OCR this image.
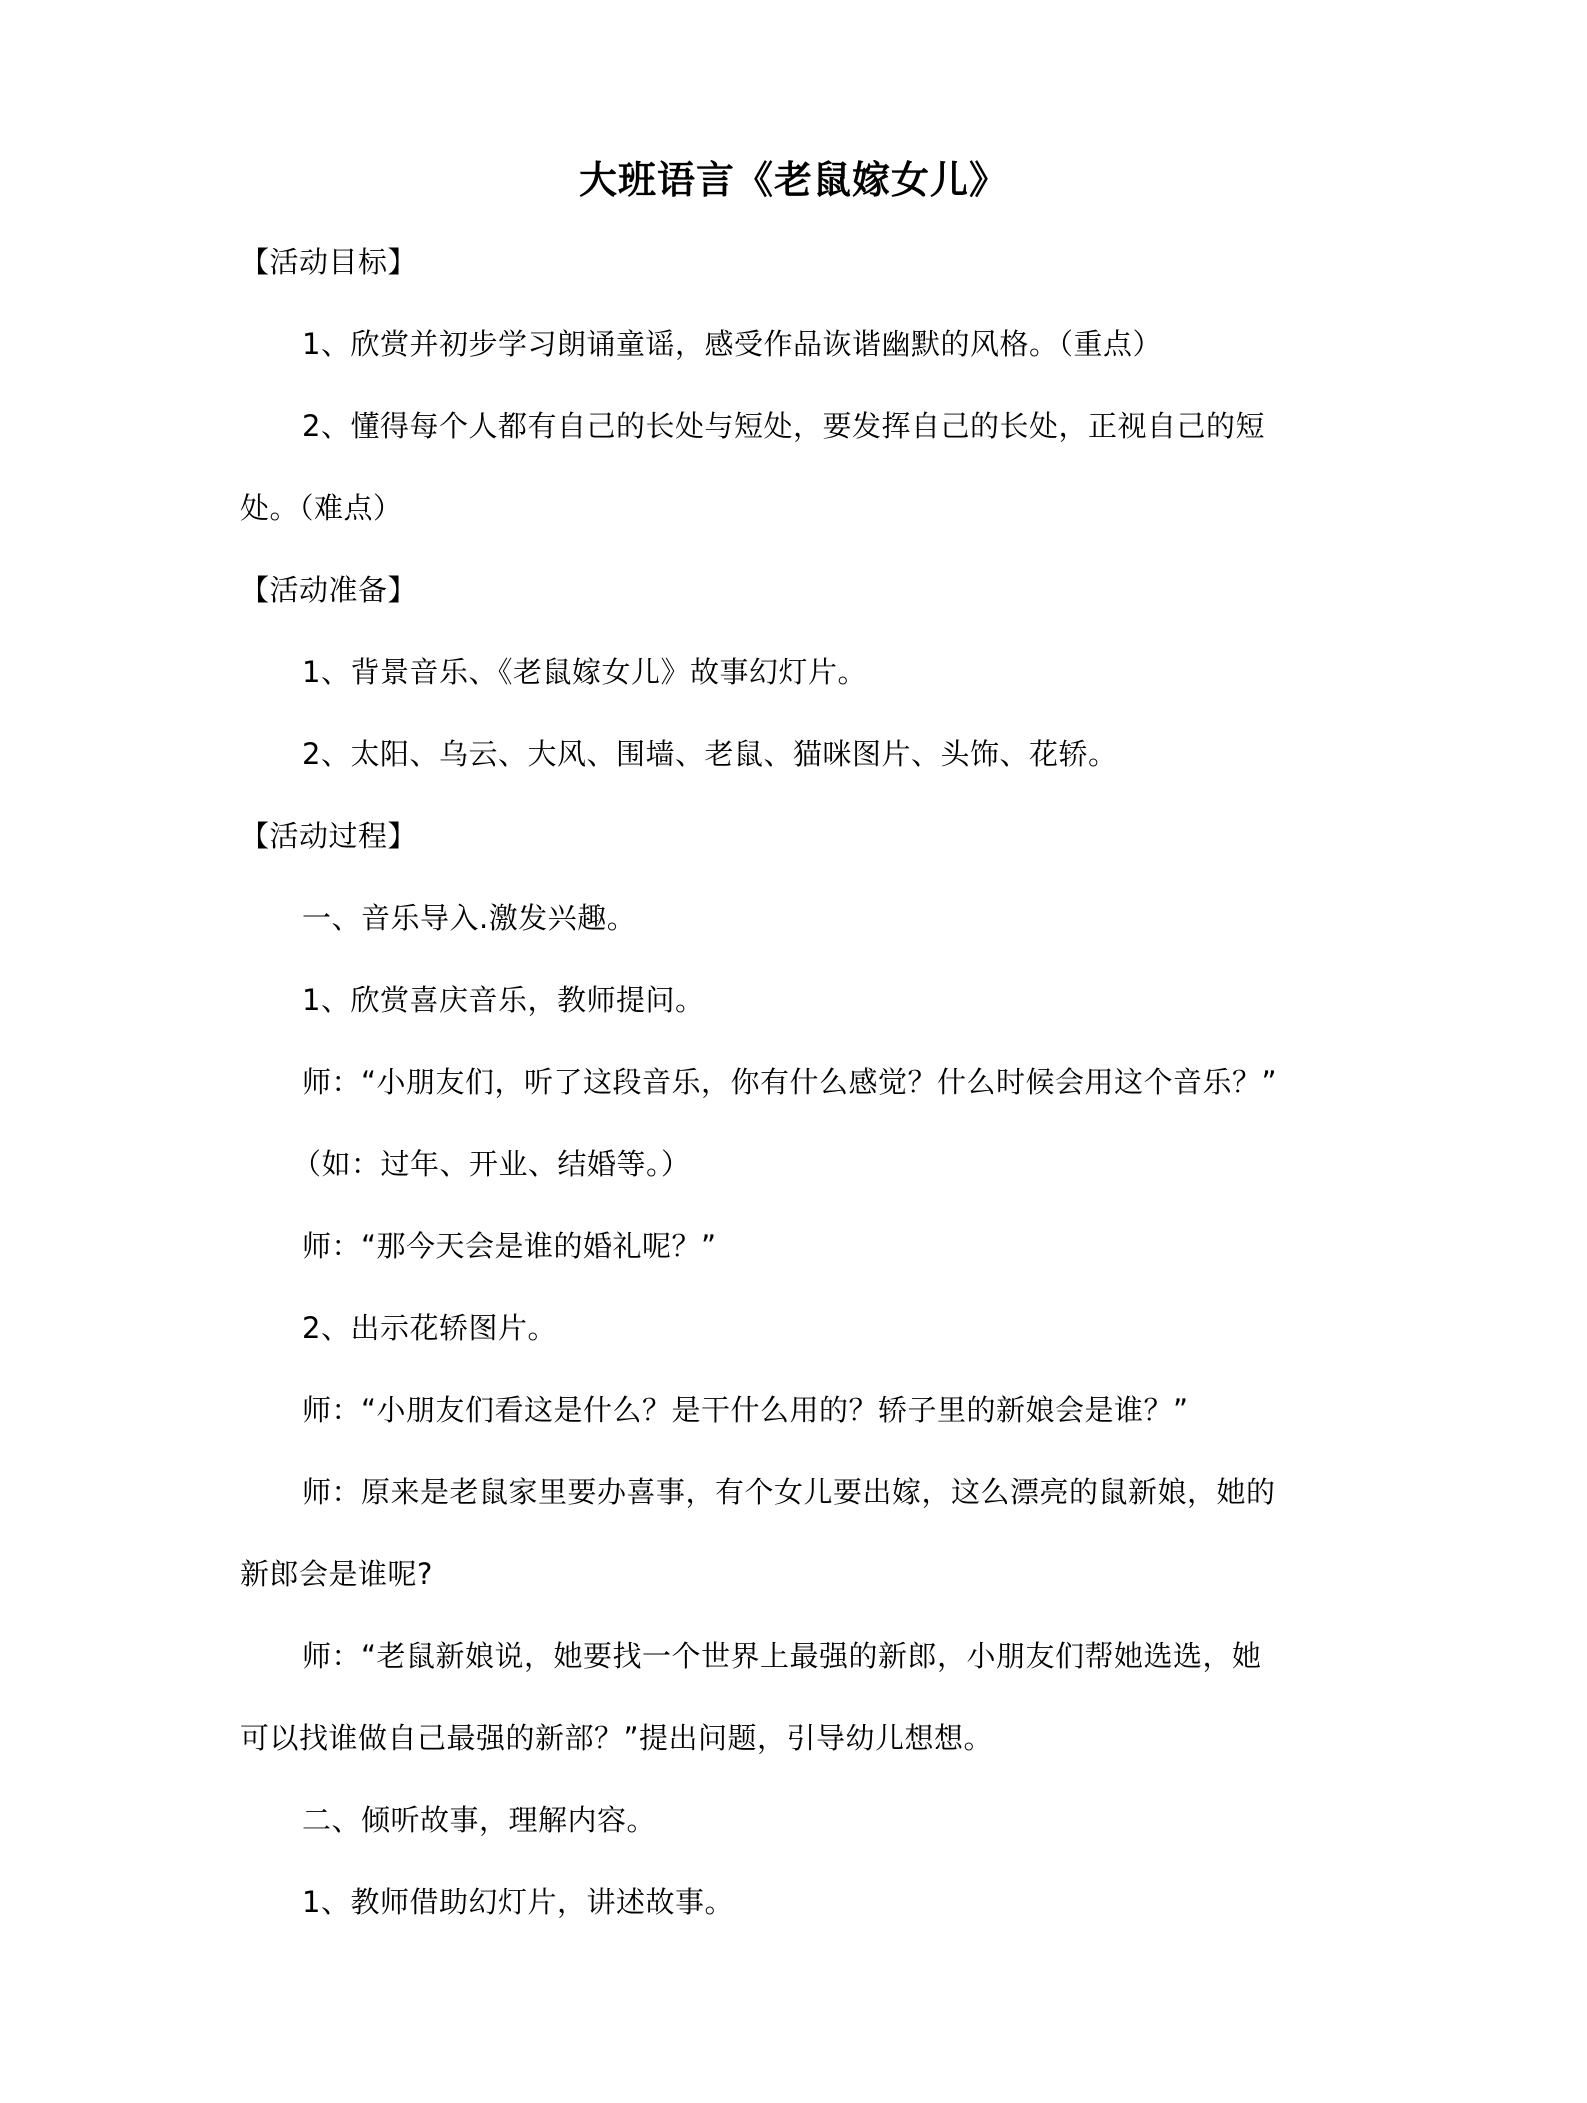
大班语言《老鼠嫁女儿》
【活动目标】
1、欣赏并初步学习朗诵童谣，感受作品诙谐幽默的风格。（重点）
2、懂得每个人都有自己的长处与短处，要发挥自己的长处，正视自己的短
处。（难点）
【活动准备】
1、背景音乐、《老鼠嫁女儿》故事幻灯片。
2、太阳、乌云、大风、围墙、老鼠、猫咪图片、头饰、花轿。
【活动过程】
一、音乐导入.激发兴趣。
1、欣赏喜庆音乐，教师提问。
师：“小朋友们，听了这段音乐，你有什么感觉？什么时候会用这个音乐？”
（如：过年、开业、结婚等。）
师：“那今天会是谁的婚礼呢？”
2、出示花轿图片。
师：“小朋友们看这是什么？是干什么用的？轿子里的新娘会是谁？”
师：原来是老鼠家里要办喜事，有个女儿要出嫁，这么漂亮的鼠新娘，她的
新郎会是谁呢?
师：“老鼠新娘说，她要找一个世界上最强的新郎，小朋友们帮她选选，她
可以找谁做自己最强的新部？”提出问题，引导幼儿想想。
二、倾听故事，理解内容。
1、教师借助幻灯片，讲述故事。
